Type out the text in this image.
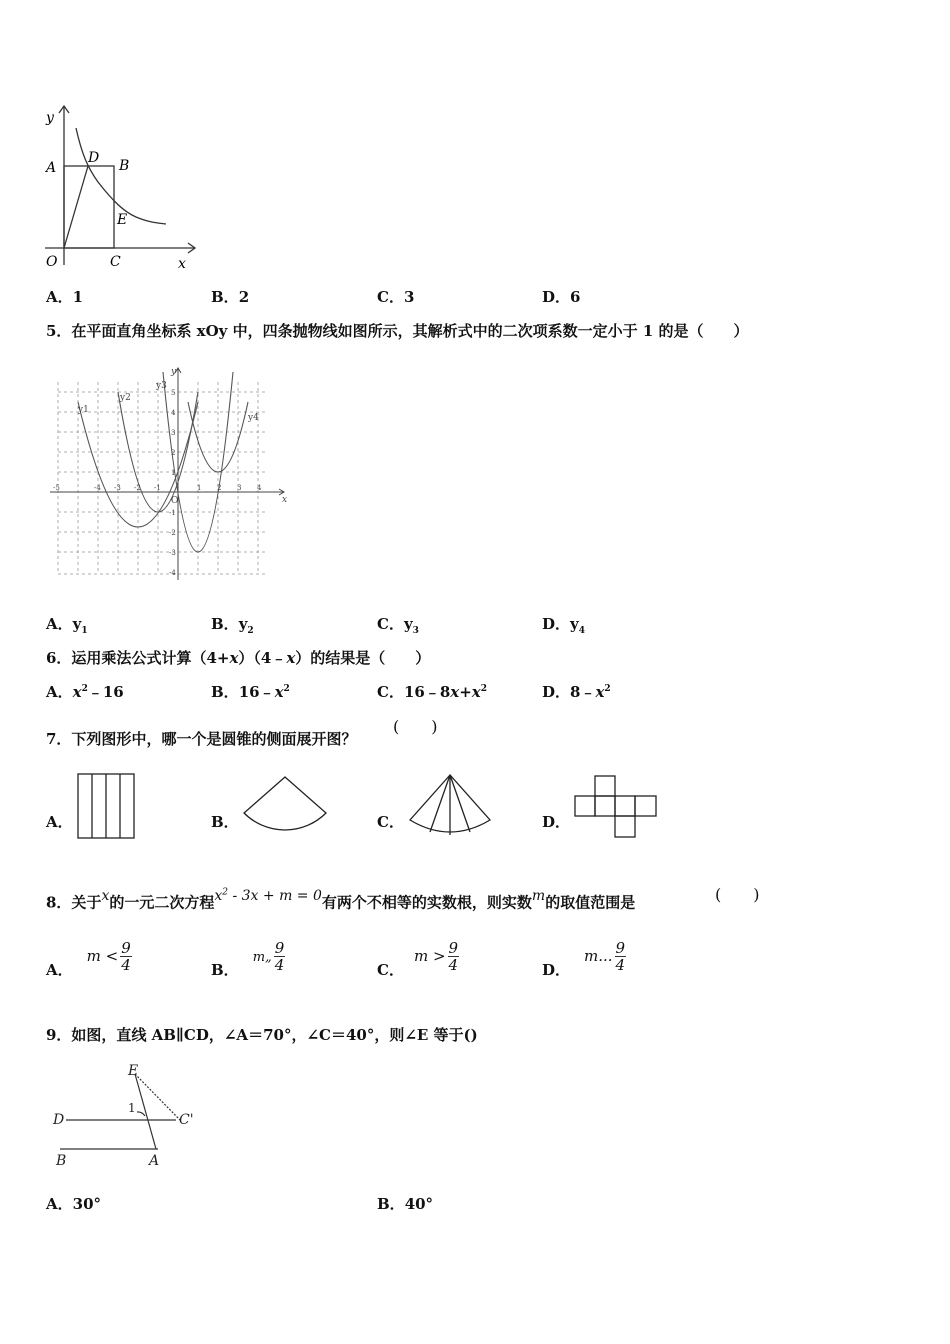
y
A
D B
E
O	C	x
A．1	B．2	C．3	D．6
5．在平面直角坐标系 xOy 中，四条抛物线如图所示，其解析式中的二次项系数一定小于 1 的是（　　）
y1
y2
y3
y4
x
y
O
-5	-4 -3 -2 -1	1 2 3 4
5
4
3
2
1
-1
-2
-3
-4
A．$y_1$	B．$y_2$	C．$y_3$	D．$y_4$
6．运用乘法公式计算（4+x）（4﹣x）的结果是（　　）
A．$x^2﹣16$	B．$16﹣x^2$	C．$16﹣8x+x^2$	D．$8﹣x^2$
7．下列图形中，哪一个是圆锥的侧面展开图？
(　　)
A．	B．	C．	D．
8．关于x的一元二次方程$x^2 - 3x + m = 0$有两个不相等的实数根，则实数m的取值范围是	(　　)
A．$m < \frac{9}{4}$	B．m„ $\frac{9}{4}$	C．$m > \frac{9}{4}$	D．m... $\frac{9}{4}$
9．如图，直线 AB∥CD，∠A＝70°，∠C＝40°，则∠E 等于()
E
1
D	C'
B	A
A．30°	B．40°
